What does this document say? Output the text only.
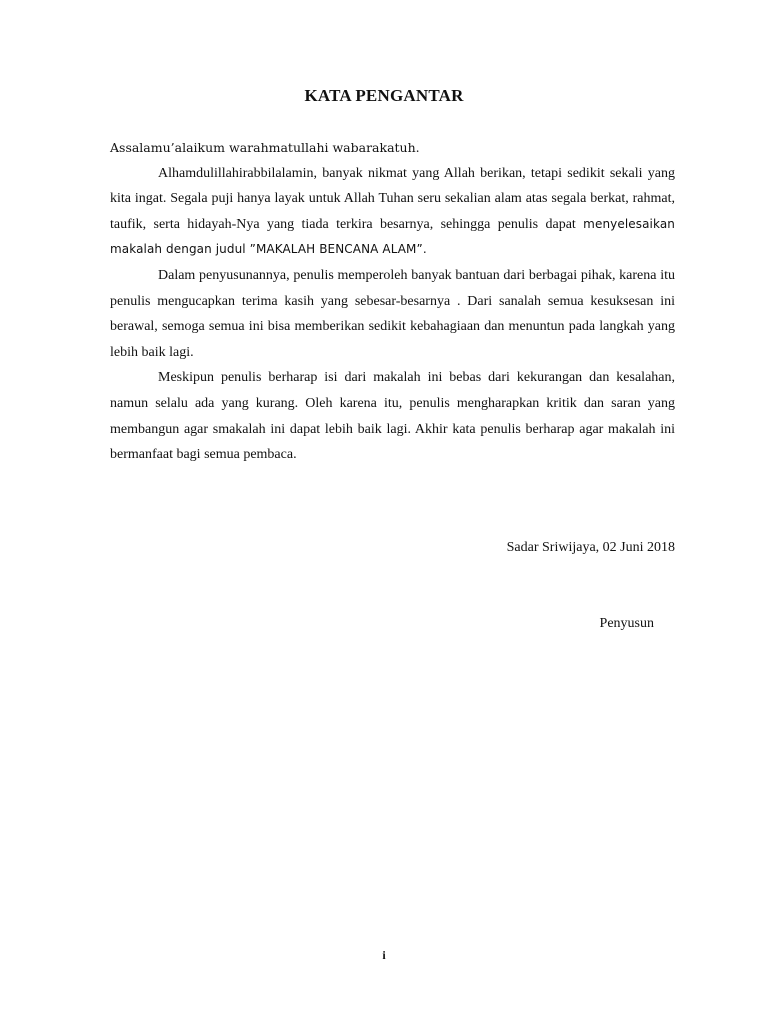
KATA PENGANTAR

Assalamu’alaikum warahmatullahi wabarakatuh.

Alhamdulillahirabbilalamin, banyak nikmat yang Allah berikan, tetapi sedikit sekali yang kita ingat. Segala puji hanya layak untuk Allah Tuhan seru sekalian alam atas segala berkat, rahmat, taufik, serta hidayah-Nya yang tiada terkira besarnya, sehingga penulis dapat menyelesaikan makalah dengan judul ”MAKALAH BENCANA ALAM”.

Dalam penyusunannya, penulis memperoleh banyak bantuan dari berbagai pihak, karena itu penulis mengucapkan terima kasih yang sebesar-besarnya . Dari sanalah semua kesuksesan ini berawal, semoga semua ini bisa memberikan sedikit kebahagiaan dan menuntun pada langkah yang lebih baik lagi.

Meskipun penulis berharap isi dari makalah ini bebas dari kekurangan dan kesalahan, namun selalu ada yang kurang. Oleh karena itu, penulis mengharapkan kritik dan saran yang membangun agar smakalah ini dapat lebih baik lagi. Akhir kata penulis berharap agar makalah ini bermanfaat bagi semua pembaca.

Sadar Sriwijaya, 02 Juni 2018
Penyusun
i
